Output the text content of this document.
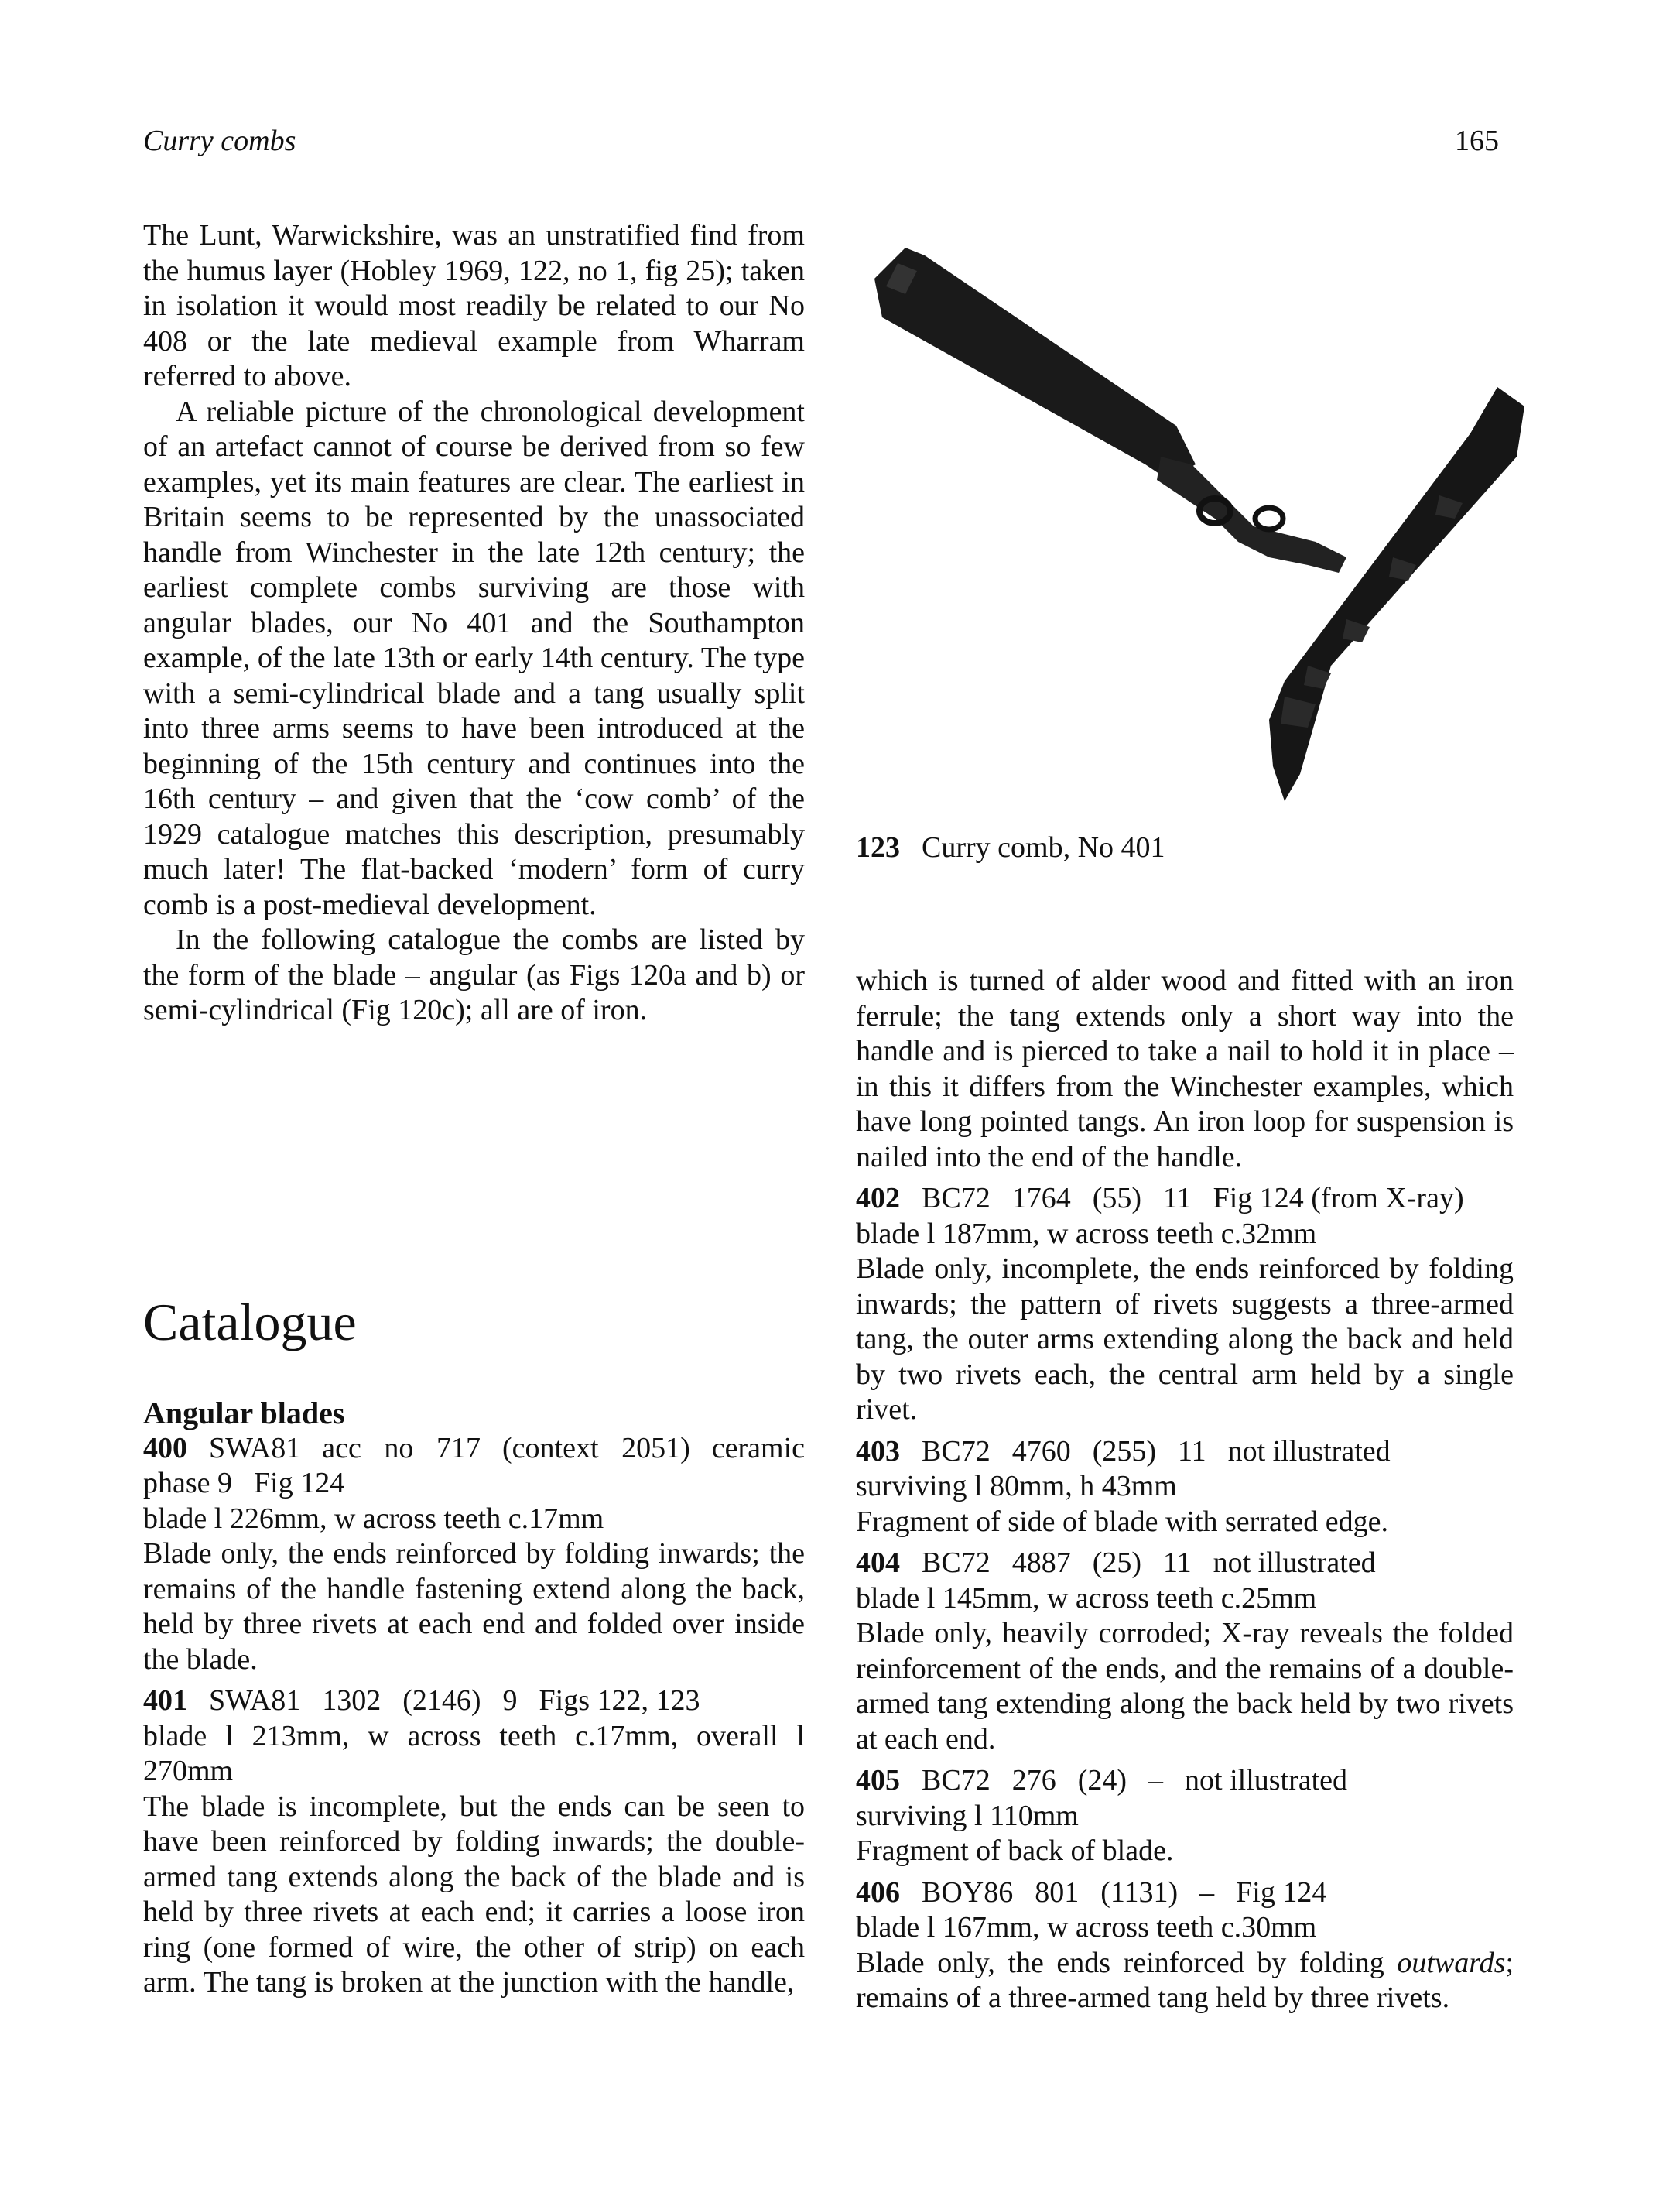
Curry combs	165

The Lunt, Warwickshire, was an unstratified find from the humus layer (Hobley 1969, 122, no 1, fig 25); taken in isolation it would most readily be related to our No 408 or the late medieval example from Wharram referred to above.

A reliable picture of the chronological development of an artefact cannot of course be derived from so few examples, yet its main features are clear. The earliest in Britain seems to be represented by the unassociated handle from Winchester in the late 12th century; the earliest complete combs surviving are those with angular blades, our No 401 and the Southampton example, of the late 13th or early 14th century. The type with a semi-cylindrical blade and a tang usually split into three arms seems to have been introduced at the beginning of the 15th century and continues into the 16th century – and given that the ‘cow comb’ of the 1929 catalogue matches this description, presumably much later! The flat-backed ‘modern’ form of curry comb is a post-medieval development.

In the following catalogue the combs are listed by the form of the blade – angular (as Figs 120a and b) or semi-cylindrical (Fig 120c); all are of iron.

Catalogue

Angular blades

400 SWA81 acc no 717 (context 2051) ceramic phase 9 Fig 124

blade l 226mm, w across teeth c.17mm

Blade only, the ends reinforced by folding inwards; the remains of the handle fastening extend along the back, held by three rivets at each end and folded over inside the blade.

401 SWA81 1302 (2146) 9 Figs 122, 123

blade l 213mm, w across teeth c.17mm, overall l 270mm

The blade is incomplete, but the ends can be seen to have been reinforced by folding inwards; the double-armed tang extends along the back of the blade and is held by three rivets at each end; it carries a loose iron ring (one formed of wire, the other of strip) on each arm. The tang is broken at the junction with the handle,

123 Curry comb, No 401

which is turned of alder wood and fitted with an iron ferrule; the tang extends only a short way into the handle and is pierced to take a nail to hold it in place – in this it differs from the Winchester examples, which have long pointed tangs. An iron loop for suspension is nailed into the end of the handle.

402 BC72 1764 (55) 11 Fig 124 (from X-ray)

blade l 187mm, w across teeth c.32mm

Blade only, incomplete, the ends reinforced by folding inwards; the pattern of rivets suggests a three-armed tang, the outer arms extending along the back and held by two rivets each, the central arm held by a single rivet.

403 BC72 4760 (255) 11 not illustrated

surviving l 80mm, h 43mm

Fragment of side of blade with serrated edge.

404 BC72 4887 (25) 11 not illustrated

blade l 145mm, w across teeth c.25mm

Blade only, heavily corroded; X-ray reveals the folded reinforcement of the ends, and the remains of a double-armed tang extending along the back held by two rivets at each end.

405 BC72 276 (24) – not illustrated

surviving l 110mm

Fragment of back of blade.

406 BOY86 801 (1131) – Fig 124

blade l 167mm, w across teeth c.30mm

Blade only, the ends reinforced by folding outwards; remains of a three-armed tang held by three rivets.
